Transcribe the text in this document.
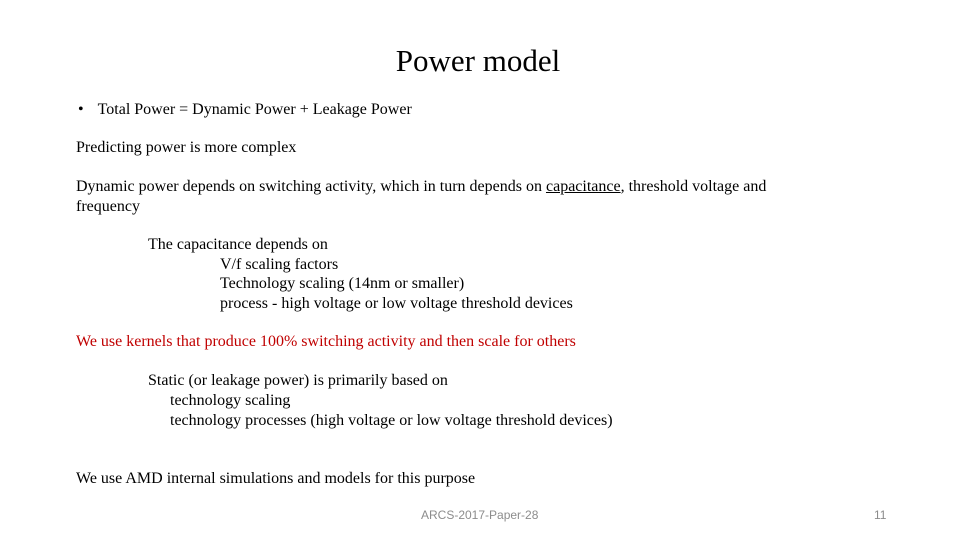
Power model
• Total Power = Dynamic Power + Leakage Power
Predicting power is more complex
Dynamic power depends on switching activity, which in turn depends on capacitance, threshold voltage and
frequency
The capacitance depends on
V/f scaling factors
Technology scaling (14nm or smaller)
process - high voltage or low voltage threshold devices
We use kernels that produce 100% switching activity and then scale for others
Static (or leakage power) is primarily based on
technology scaling
technology processes (high voltage or low voltage threshold devices)
We use AMD internal simulations and models for this purpose
ARCS-2017-Paper-28	11
